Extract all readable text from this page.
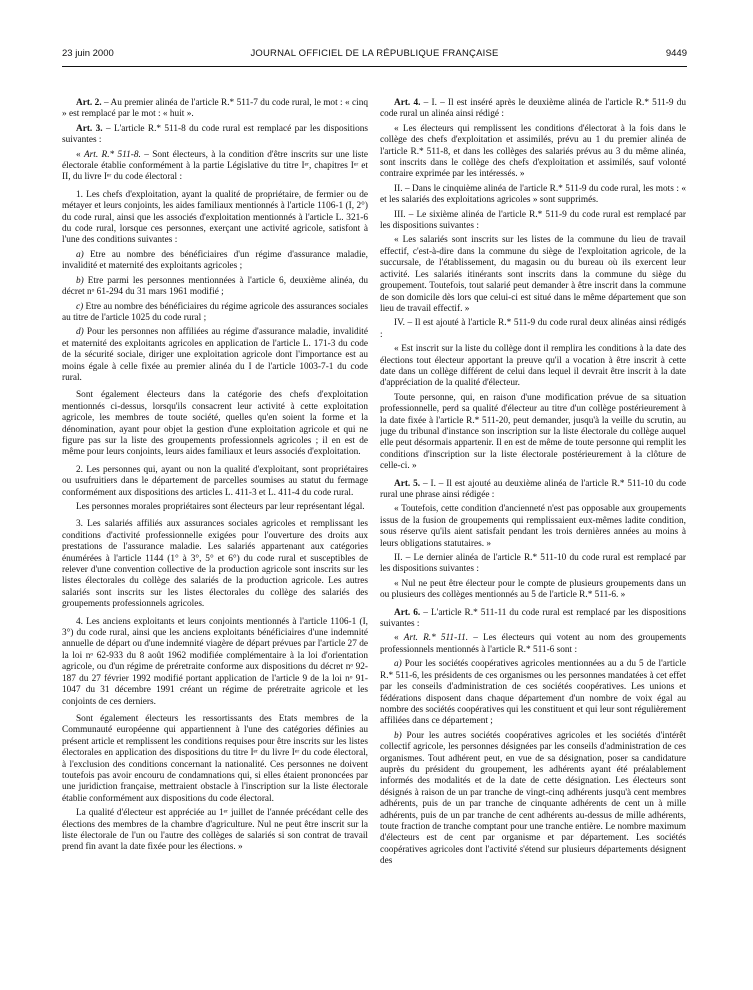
23 juin 2000	JOURNAL OFFICIEL DE LA RÉPUBLIQUE FRANÇAISE	9449

Art. 2. – Au premier alinéa de l'article R.* 511-7 du code rural, le mot : « cinq » est remplacé par le mot : « huit ».

Art. 3. – L'article R.* 511-8 du code rural est remplacé par les dispositions suivantes :

« Art. R.* 511-8. – Sont électeurs, à la condition d'être inscrits sur une liste électorale établie conformément à la partie Législative du titre Iᵉʳ, chapitres Iᵉʳ et II, du livre Iᵉʳ du code électoral :

1. Les chefs d'exploitation, ayant la qualité de propriétaire, de fermier ou de métayer et leurs conjoints, les aides familiaux mentionnés à l'article 1106-1 (I, 2°) du code rural, ainsi que les associés d'exploitation mentionnés à l'article L. 321-6 du code rural, lorsque ces personnes, exerçant une activité agricole, satisfont à l'une des conditions suivantes :

a) Etre au nombre des bénéficiaires d'un régime d'assurance maladie, invalidité et maternité des exploitants agricoles ;

b) Etre parmi les personnes mentionnées à l'article 6, deuxième alinéa, du décret nᵒ 61-294 du 31 mars 1961 modifié ;

c) Etre au nombre des bénéficiaires du régime agricole des assurances sociales au titre de l'article 1025 du code rural ;

d) Pour les personnes non affiliées au régime d'assurance maladie, invalidité et maternité des exploitants agricoles en application de l'article L. 171-3 du code de la sécurité sociale, diriger une exploitation agricole dont l'importance est au moins égale à celle fixée au premier alinéa du I de l'article 1003-7-1 du code rural.

Sont également électeurs dans la catégorie des chefs d'exploitation mentionnés ci-dessus, lorsqu'ils consacrent leur activité à cette exploitation agricole, les membres de toute société, quelles qu'en soient la forme et la dénomination, ayant pour objet la gestion d'une exploitation agricole et qui ne figure pas sur la liste des groupements professionnels agricoles ; il en est de même pour leurs conjoints, leurs aides familiaux et leurs associés d'exploitation.

2. Les personnes qui, ayant ou non la qualité d'exploitant, sont propriétaires ou usufruitiers dans le département de parcelles soumises au statut du fermage conformément aux dispositions des articles L. 411-3 et L. 411-4 du code rural.

Les personnes morales propriétaires sont électeurs par leur représentant légal.

3. Les salariés affiliés aux assurances sociales agricoles et remplissant les conditions d'activité professionnelle exigées pour l'ouverture des droits aux prestations de l'assurance maladie. Les salariés appartenant aux catégories énumérées à l'article 1144 (1° à 3°, 5° et 6°) du code rural et susceptibles de relever d'une convention collective de la production agricole sont inscrits sur les listes électorales du collège des salariés de la production agricole. Les autres salariés sont inscrits sur les listes électorales du collège des salariés des groupements professionnels agricoles.

4. Les anciens exploitants et leurs conjoints mentionnés à l'article 1106-1 (I, 3°) du code rural, ainsi que les anciens exploitants bénéficiaires d'une indemnité annuelle de départ ou d'une indemnité viagère de départ prévues par l'article 27 de la loi nᵒ 62-933 du 8 août 1962 modifiée complémentaire à la loi d'orientation agricole, ou d'un régime de préretraite conforme aux dispositions du décret nᵒ 92-187 du 27 février 1992 modifié portant application de l'article 9 de la loi nᵒ 91-1047 du 31 décembre 1991 créant un régime de préretraite agricole et les conjoints de ces derniers.

Sont également électeurs les ressortissants des Etats membres de la Communauté européenne qui appartiennent à l'une des catégories définies au présent article et remplissent les conditions requises pour être inscrits sur les listes électorales en application des dispositions du titre Iᵉʳ du livre Iᵉʳ du code électoral, à l'exclusion des conditions concernant la nationalité. Ces personnes ne doivent toutefois pas avoir encouru de condamnations qui, si elles étaient prononcées par une juridiction française, mettraient obstacle à l'inscription sur la liste électorale établie conformément aux dispositions du code électoral.

La qualité d'électeur est appréciée au 1ᵉʳ juillet de l'année précédant celle des élections des membres de la chambre d'agriculture. Nul ne peut être inscrit sur la liste électorale de l'un ou l'autre des collèges de salariés si son contrat de travail prend fin avant la date fixée pour les élections. »

Art. 4. – I. – Il est inséré après le deuxième alinéa de l'article R.* 511-9 du code rural un alinéa ainsi rédigé :

« Les électeurs qui remplissent les conditions d'électorat à la fois dans le collège des chefs d'exploitation et assimilés, prévu au 1 du premier alinéa de l'article R.* 511-8, et dans les collèges des salariés prévus au 3 du même alinéa, sont inscrits dans le collège des chefs d'exploitation et assimilés, sauf volonté contraire exprimée par les intéressés. »

II. – Dans le cinquième alinéa de l'article R.* 511-9 du code rural, les mots : « et les salariés des exploitations agricoles » sont supprimés.

III. – Le sixième alinéa de l'article R.* 511-9 du code rural est remplacé par les dispositions suivantes :

« Les salariés sont inscrits sur les listes de la commune du lieu de travail effectif, c'est-à-dire dans la commune du siège de l'exploitation agricole, de la succursale, de l'établissement, du magasin ou du bureau où ils exercent leur activité. Les salariés itinérants sont inscrits dans la commune du siège du groupement. Toutefois, tout salarié peut demander à être inscrit dans la commune de son domicile dès lors que celui-ci est situé dans le même département que son lieu de travail effectif. »

IV. – Il est ajouté à l'article R.* 511-9 du code rural deux alinéas ainsi rédigés :

« Est inscrit sur la liste du collège dont il remplira les conditions à la date des élections tout électeur apportant la preuve qu'il a vocation à être inscrit à cette date dans un collège différent de celui dans lequel il devrait être inscrit à la date d'appréciation de la qualité d'électeur.

Toute personne, qui, en raison d'une modification prévue de sa situation professionnelle, perd sa qualité d'électeur au titre d'un collège postérieurement à la date fixée à l'article R.* 511-20, peut demander, jusqu'à la veille du scrutin, au juge du tribunal d'instance son inscription sur la liste électorale du collège auquel elle peut désormais appartenir. Il en est de même de toute personne qui remplit les conditions d'inscription sur la liste électorale postérieurement à la clôture de celle-ci. »

Art. 5. – I. – Il est ajouté au deuxième alinéa de l'article R.* 511-10 du code rural une phrase ainsi rédigée :

« Toutefois, cette condition d'ancienneté n'est pas opposable aux groupements issus de la fusion de groupements qui remplissaient eux-mêmes ladite condition, sous réserve qu'ils aient satisfait pendant les trois dernières années au moins à leurs obligations statutaires. »

II. – Le dernier alinéa de l'article R.* 511-10 du code rural est remplacé par les dispositions suivantes :

« Nul ne peut être électeur pour le compte de plusieurs groupements dans un ou plusieurs des collèges mentionnés au 5 de l'article R.* 511-6. »

Art. 6. – L'article R.* 511-11 du code rural est remplacé par les dispositions suivantes :

« Art. R.* 511-11. – Les électeurs qui votent au nom des groupements professionnels mentionnés à l'article R.* 511-6 sont :

a) Pour les sociétés coopératives agricoles mentionnées au a du 5 de l'article R.* 511-6, les présidents de ces organismes ou les personnes mandatées à cet effet par les conseils d'administration de ces sociétés coopératives. Les unions et fédérations disposent dans chaque département d'un nombre de voix égal au nombre des sociétés coopératives qui les constituent et qui leur sont régulièrement affiliées dans ce département ;

b) Pour les autres sociétés coopératives agricoles et les sociétés d'intérêt collectif agricole, les personnes désignées par les conseils d'administration de ces organismes. Tout adhérent peut, en vue de sa désignation, poser sa candidature auprès du président du groupement, les adhérents ayant été préalablement informés des modalités et de la date de cette désignation. Les électeurs sont désignés à raison de un par tranche de vingt-cinq adhérents jusqu'à cent membres adhérents, puis de un par tranche de cinquante adhérents de cent un à mille adhérents, puis de un par tranche de cent adhérents au-dessus de mille adhérents, toute fraction de tranche comptant pour une tranche entière. Le nombre maximum d'électeurs est de cent par organisme et par département. Les sociétés coopératives agricoles dont l'activité s'étend sur plusieurs départements désignent des
